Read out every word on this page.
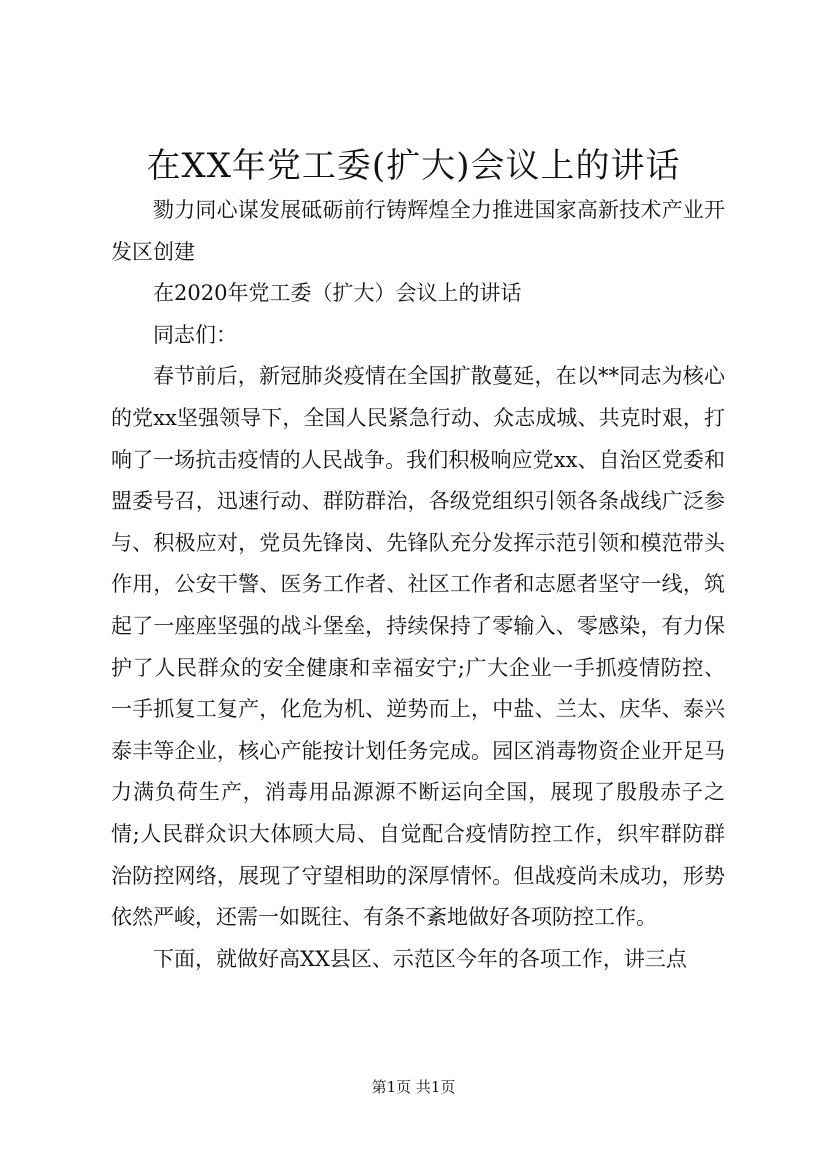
在XX年党工委(扩大)会议上的讲话

勠力同心谋发展砥砺前行铸辉煌全力推进国家高新技术产业开发区创建

在2020年党工委（扩大）会议上的讲话

同志们：

春节前后，新冠肺炎疫情在全国扩散蔓延，在以**同志为核心的党xx坚强领导下，全国人民紧急行动、众志成城、共克时艰，打响了一场抗击疫情的人民战争。我们积极响应党xx、自治区党委和盟委号召，迅速行动、群防群治，各级党组织引领各条战线广泛参与、积极应对，党员先锋岗、先锋队充分发挥示范引领和模范带头作用，公安干警、医务工作者、社区工作者和志愿者坚守一线，筑起了一座座坚强的战斗堡垒，持续保持了零输入、零感染，有力保护了人民群众的安全健康和幸福安宁;广大企业一手抓疫情防控、一手抓复工复产，化危为机、逆势而上，中盐、兰太、庆华、泰兴泰丰等企业，核心产能按计划任务完成。园区消毒物资企业开足马力满负荷生产，消毒用品源源不断运向全国，展现了殷殷赤子之情;人民群众识大体顾大局、自觉配合疫情防控工作，织牢群防群治防控网络，展现了守望相助的深厚情怀。但战疫尚未成功，形势依然严峻，还需一如既往、有条不紊地做好各项防控工作。

下面，就做好高XX县区、示范区今年的各项工作，讲三点

第1页 共1页
